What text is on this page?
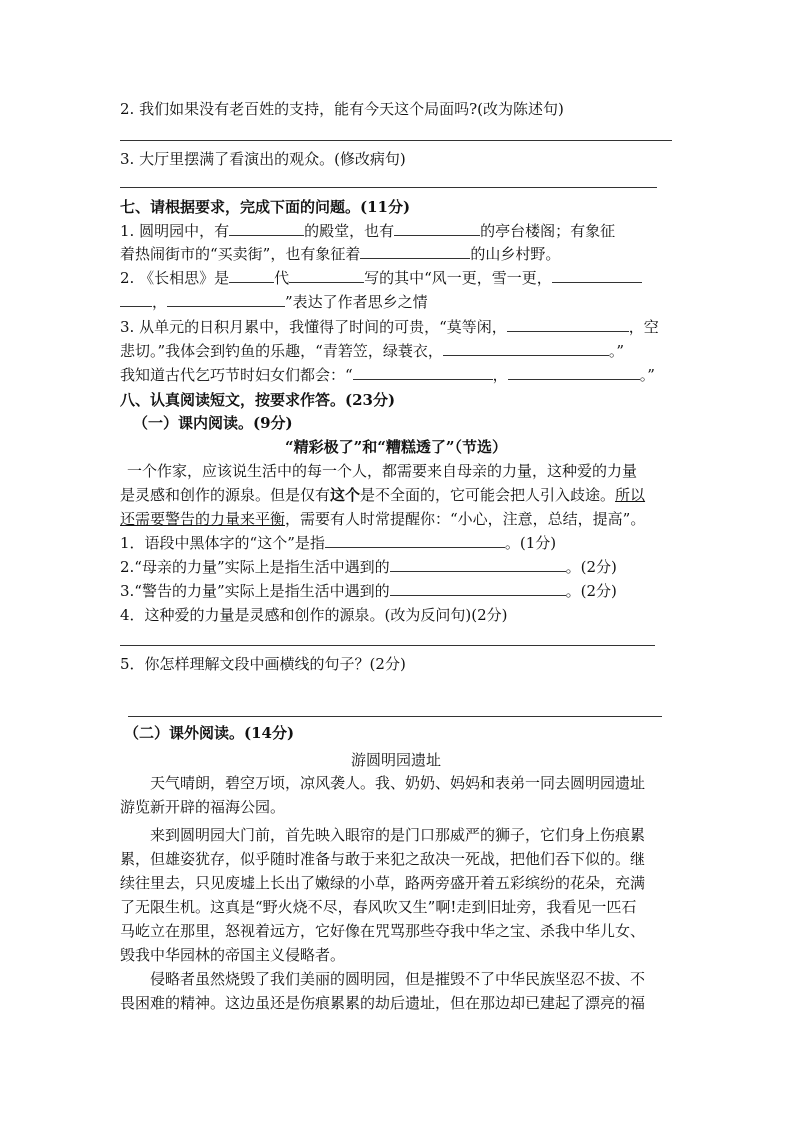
2. 我们如果没有老百姓的支持，能有今天这个局面吗?(改为陈述句)
3. 大厅里摆满了看演出的观众。(修改病句)
七、请根据要求，完成下面的问题。(11分)
1. 圆明园中，有	的殿堂，也有	的亭台楼阁；有象征
着热闹街市的“买卖街”，也有象征着	的山乡村野。
2. 《长相思》是	代	写的其中“风一更，雪一更，
，	”表达了作者思乡之情
3. 从单元的日积月累中，我懂得了时间的可贵，“莫等闲，	，空
悲切。”我体会到钓鱼的乐趣，“青箬笠，绿蓑衣，	。”
我知道古代乞巧节时妇女们都会：“	，	。”
八、认真阅读短文，按要求作答。(23分)
（一）课内阅读。(9分)
“精彩极了”和“糟糕透了”（节选）
一个作家，应该说生活中的每一个人，都需要来自母亲的力量，这种爱的力量
是灵感和创作的源泉。但是仅有这个是不全面的，它可能会把人引入歧途。所以
还需要警告的力量来平衡，需要有人时常提醒你：“小心，注意，总结，提高”。
1．语段中黑体字的“这个”是指	。(1分)
2.“母亲的力量”实际上是指生活中遇到的	。(2分)
3.“警告的力量”实际上是指生活中遇到的	。(2分)
4．这种爱的力量是灵感和创作的源泉。(改为反问句)(2分)
5．你怎样理解文段中画横线的句子？(2分)
（二）课外阅读。(14分)
游圆明园遗址
天气晴朗，碧空万顷，凉风袭人。我、奶奶、妈妈和表弟一同去圆明园遗址
游览新开辟的福海公园。
来到圆明园大门前，首先映入眼帘的是门口那威严的狮子，它们身上伤痕累
累，但雄姿犹存，似乎随时准备与敢于来犯之敌决一死战，把他们吞下似的。继
续往里去，只见废墟上长出了嫩绿的小草，路两旁盛开着五彩缤纷的花朵，充满
了无限生机。这真是“野火烧不尽，春风吹又生”啊!走到旧址旁，我看见一匹石
马屹立在那里，怒视着远方，它好像在咒骂那些夺我中华之宝、杀我中华儿女、
毁我中华园林的帝国主义侵略者。
侵略者虽然烧毁了我们美丽的圆明园，但是摧毁不了中华民族坚忍不拔、不
畏困难的精神。这边虽还是伤痕累累的劫后遗址，但在那边却已建起了漂亮的福
